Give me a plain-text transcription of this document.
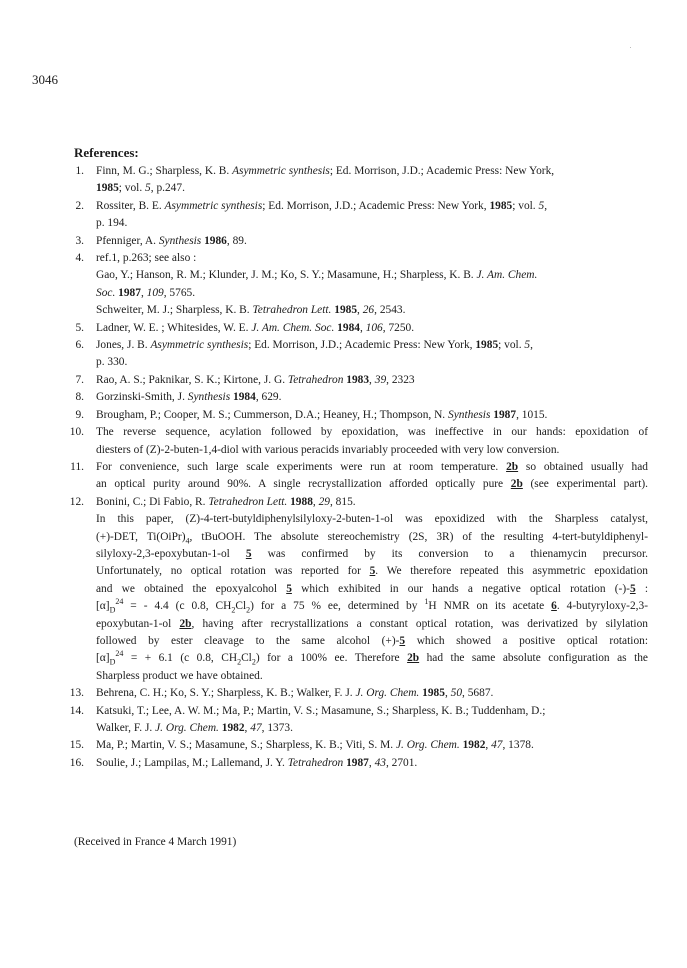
3046
References:
1.	Finn, M. G.; Sharpless, K. B. Asymmetric synthesis; Ed. Morrison, J.D.; Academic Press: New York,
1985; vol. 5, p.247.
2.	Rossiter, B. E. Asymmetric synthesis; Ed. Morrison, J.D.; Academic Press: New York, 1985; vol. 5,
p. 194.
3.	Pfenniger, A. Synthesis 1986, 89.
4.	ref.1, p.263; see also :
Gao, Y.; Hanson, R. M.; Klunder, J. M.; Ko, S. Y.; Masamune, H.; Sharpless, K. B. J. Am. Chem.
Soc. 1987, 109, 5765.
Schweiter, M. J.; Sharpless, K. B. Tetrahedron Lett. 1985, 26, 2543.
5.	Ladner, W. E. ; Whitesides, W. E. J. Am. Chem. Soc. 1984, 106, 7250.
6.	Jones, J. B. Asymmetric synthesis; Ed. Morrison, J.D.; Academic Press: New York, 1985; vol. 5,
p. 330.
7.	Rao, A. S.; Paknikar, S. K.; Kirtone, J. G. Tetrahedron 1983, 39, 2323
8.	Gorzinski-Smith, J. Synthesis 1984, 629.
9.	Brougham, P.; Cooper, M. S.; Cummerson, D.A.; Heaney, H.; Thompson, N. Synthesis 1987, 1015.
10.	The reverse sequence, acylation followed by epoxidation, was ineffective in our hands: epoxidation of
diesters of (Z)-2-buten-1,4-diol with various peracids invariably proceeded with very low conversion.
11.	For convenience, such large scale experiments were run at room temperature. 2b so obtained usually had
an optical purity around 90%. A single recrystallization afforded optically pure 2b (see experimental part).
12.	Bonini, C.; Di Fabio, R. Tetrahedron Lett. 1988, 29, 815.
In this paper, (Z)-4-tert-butyldiphenylsilyloxy-2-buten-1-ol was epoxidized with the Sharpless catalyst,
(+)-DET, $Ti(OiPr)_4$, tBuOOH. The absolute stereochemistry (2S, 3R) of the resulting 4-tert-butyldiphenyl-
silyloxy-2,3-epoxybutan-1-ol 5 was confirmed by its conversion to a thienamycin precursor.
Unfortunately, no optical rotation was reported for 5. We therefore repeated this asymmetric epoxidation
and we obtained the epoxyalcohol 5 which exhibited in our hands a negative optical rotation (-)-5 :
$[\alpha]_D^{24}$ = - 4.4 (c 0.8, $CH_2Cl_2$) for a 75 % ee, determined by $^1$H NMR on its acetate 6. 4-butyryloxy-2,3-
epoxybutan-1-ol 2b, having after recrystallizations a constant optical rotation, was derivatized by silylation
followed by ester cleavage to the same alcohol (+)-5 which showed a positive optical rotation:
$[\alpha]_D^{24}$ = + 6.1 (c 0.8, $CH_2Cl_2$) for a 100% ee. Therefore 2b had the same absolute configuration as the
Sharpless product we have obtained.
13.	Behrena, C. H.; Ko, S. Y.; Sharpless, K. B.; Walker, F. J. J. Org. Chem. 1985, 50, 5687.
14.	Katsuki, T.; Lee, A. W. M.; Ma, P.; Martin, V. S.; Masamune, S.; Sharpless, K. B.; Tuddenham, D.;
Walker, F. J. J. Org. Chem. 1982, 47, 1373.
15.	Ma, P.; Martin, V. S.; Masamune, S.; Sharpless, K. B.; Viti, S. M. J. Org. Chem. 1982, 47, 1378.
16.	Soulie, J.; Lampilas, M.; Lallemand, J. Y. Tetrahedron 1987, 43, 2701.
(Received in France 4 March 1991)
